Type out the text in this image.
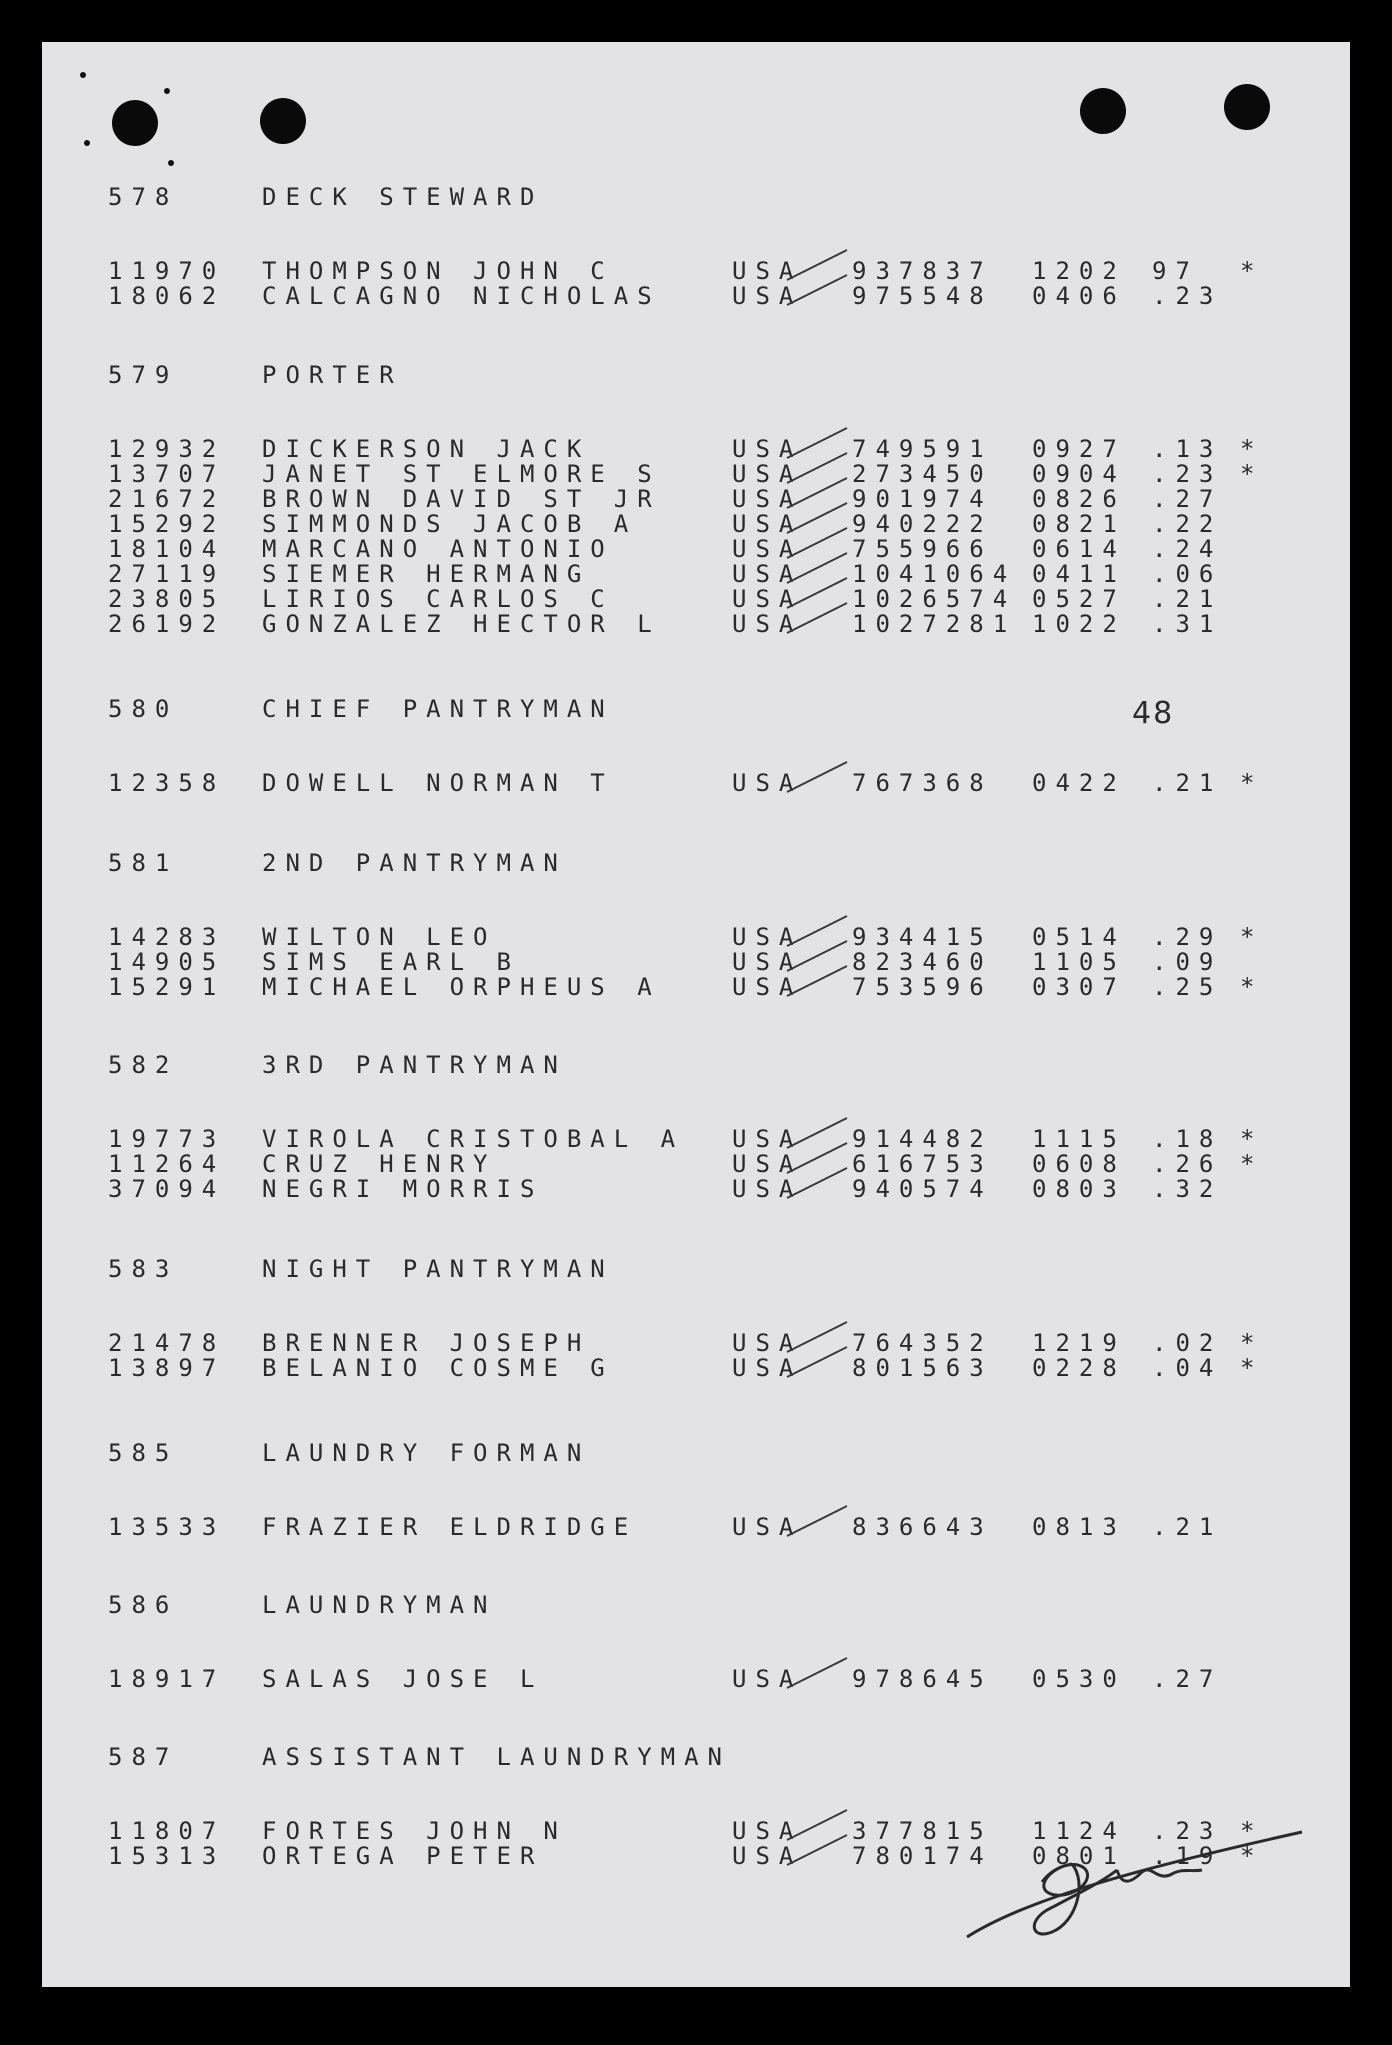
578	DECK STEWARD
11970 THOMPSON JOHN C	USA 937837 1202 97 *
18062 CALCAGNO NICHOLAS	USA 975548 0406 .23
579	PORTER
12932 DICKERSON JACK	USA 749591 0927 .13 *
13707 JANET ST ELMORE S	USA 273450 0904 .23 *
21672 BROWN DAVID ST JR	USA 901974 0826 .27
15292 SIMMONDS JACOB A	USA 940222 0821 .22
18104 MARCANO ANTONIO	USA 755966 0614 .24
27119 SIEMER HERMANG	USA 1041064 0411 .06
23805 LIRIOS CARLOS C	USA 1026574 0527 .21
26192 GONZALEZ HECTOR L	USA 1027281 1022 .31
580	CHIEF PANTRYMAN
12358 DOWELL NORMAN T	USA 767368 0422 .21 *
581	2ND PANTRYMAN
14283 WILTON LEO	USA 934415 0514 .29 *
14905 SIMS EARL B	USA 823460 1105 .09
15291 MICHAEL ORPHEUS A	USA 753596 0307 .25 *
582	3RD PANTRYMAN
19773 VIROLA CRISTOBAL A USA 914482 1115 .18 *
11264 CRUZ HENRY	USA 616753 0608 .26 *
37094 NEGRI MORRIS	USA 940574 0803 .32
583	NIGHT PANTRYMAN
21478 BRENNER JOSEPH	USA 764352 1219 .02 *
13897 BELANIO COSME G	USA 801563 0228 .04 *
585	LAUNDRY FORMAN
13533 FRAZIER ELDRIDGE	USA 836643 0813 .21
586	LAUNDRYMAN
18917 SALAS JOSE L	USA 978645 0530 .27
587	ASSISTANT LAUNDRYMAN
11807 FORTES JOHN N	USA 377815 1124 .23 *
15313 ORTEGA PETER	USA 780174 0801 .19 *
48
